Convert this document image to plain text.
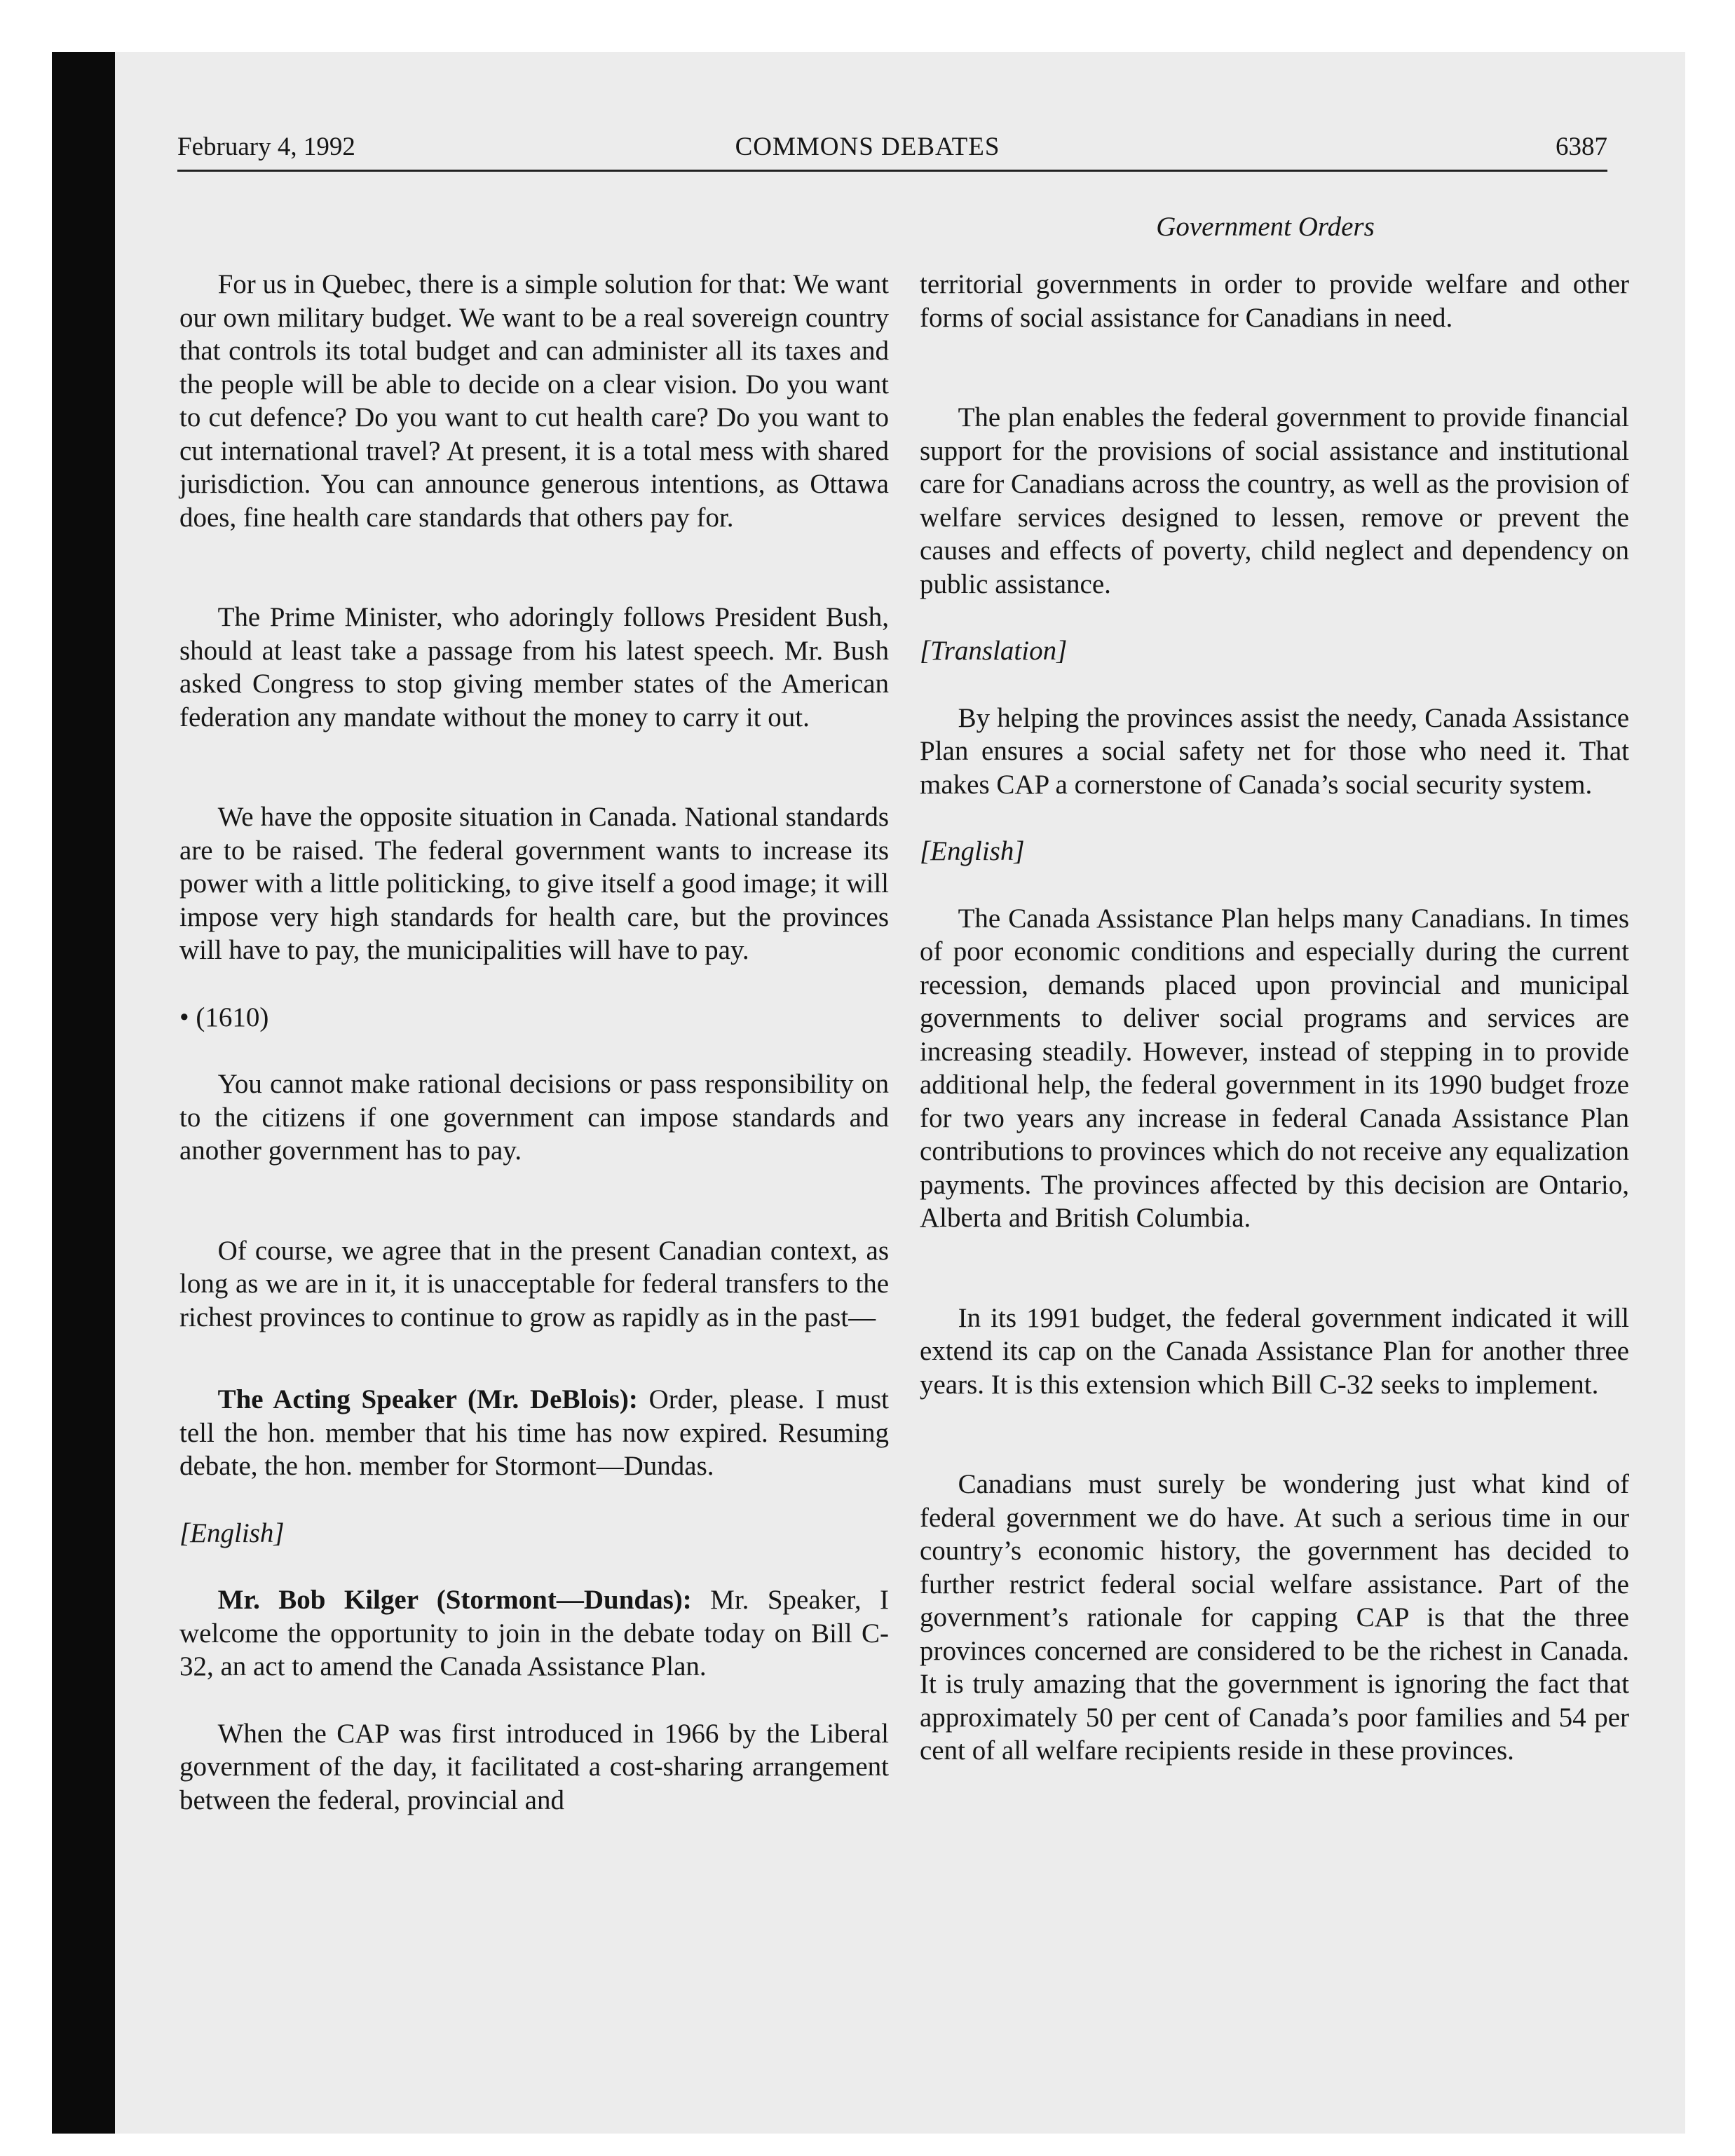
February 4, 1992	COMMONS DEBATES	6387
Government Orders

For us in Quebec, there is a simple solution for that: We want our own military budget. We want to be a real sovereign country that controls its total budget and can administer all its taxes and the people will be able to decide on a clear vision. Do you want to cut defence? Do you want to cut health care? Do you want to cut international travel? At present, it is a total mess with shared jurisdiction. You can announce generous intentions, as Ottawa does, fine health care standards that others pay for.

The Prime Minister, who adoringly follows President Bush, should at least take a passage from his latest speech. Mr. Bush asked Congress to stop giving member states of the American federation any mandate without the money to carry it out.

We have the opposite situation in Canada. National standards are to be raised. The federal government wants to increase its power with a little politicking, to give itself a good image; it will impose very high standards for health care, but the provinces will have to pay, the municipalities will have to pay.

• (1610)

You cannot make rational decisions or pass responsibility on to the citizens if one government can impose standards and another government has to pay.

Of course, we agree that in the present Canadian context, as long as we are in it, it is unacceptable for federal transfers to the richest provinces to continue to grow as rapidly as in the past—

The Acting Speaker (Mr. DeBlois): Order, please. I must tell the hon. member that his time has now expired. Resuming debate, the hon. member for Stormont—Dundas.

[English]

Mr. Bob Kilger (Stormont—Dundas): Mr. Speaker, I welcome the opportunity to join in the debate today on Bill C-32, an act to amend the Canada Assistance Plan.

When the CAP was first introduced in 1966 by the Liberal government of the day, it facilitated a cost-sharing arrangement between the federal, provincial and

territorial governments in order to provide welfare and other forms of social assistance for Canadians in need.

The plan enables the federal government to provide financial support for the provisions of social assistance and institutional care for Canadians across the country, as well as the provision of welfare services designed to lessen, remove or prevent the causes and effects of poverty, child neglect and dependency on public assistance.

[Translation]

By helping the provinces assist the needy, Canada Assistance Plan ensures a social safety net for those who need it. That makes CAP a cornerstone of Canada’s social security system.

[English]

The Canada Assistance Plan helps many Canadians. In times of poor economic conditions and especially during the current recession, demands placed upon provincial and municipal governments to deliver social programs and services are increasing steadily. However, instead of stepping in to provide additional help, the federal government in its 1990 budget froze for two years any increase in federal Canada Assistance Plan contributions to provinces which do not receive any equalization payments. The provinces affected by this decision are Ontario, Alberta and British Columbia.

In its 1991 budget, the federal government indicated it will extend its cap on the Canada Assistance Plan for another three years. It is this extension which Bill C-32 seeks to implement.

Canadians must surely be wondering just what kind of federal government we do have. At such a serious time in our country’s economic history, the government has decided to further restrict federal social welfare assistance. Part of the government’s rationale for capping CAP is that the three provinces concerned are considered to be the richest in Canada. It is truly amazing that the government is ignoring the fact that approximately 50 per cent of Canada’s poor families and 54 per cent of all welfare recipients reside in these provinces.
